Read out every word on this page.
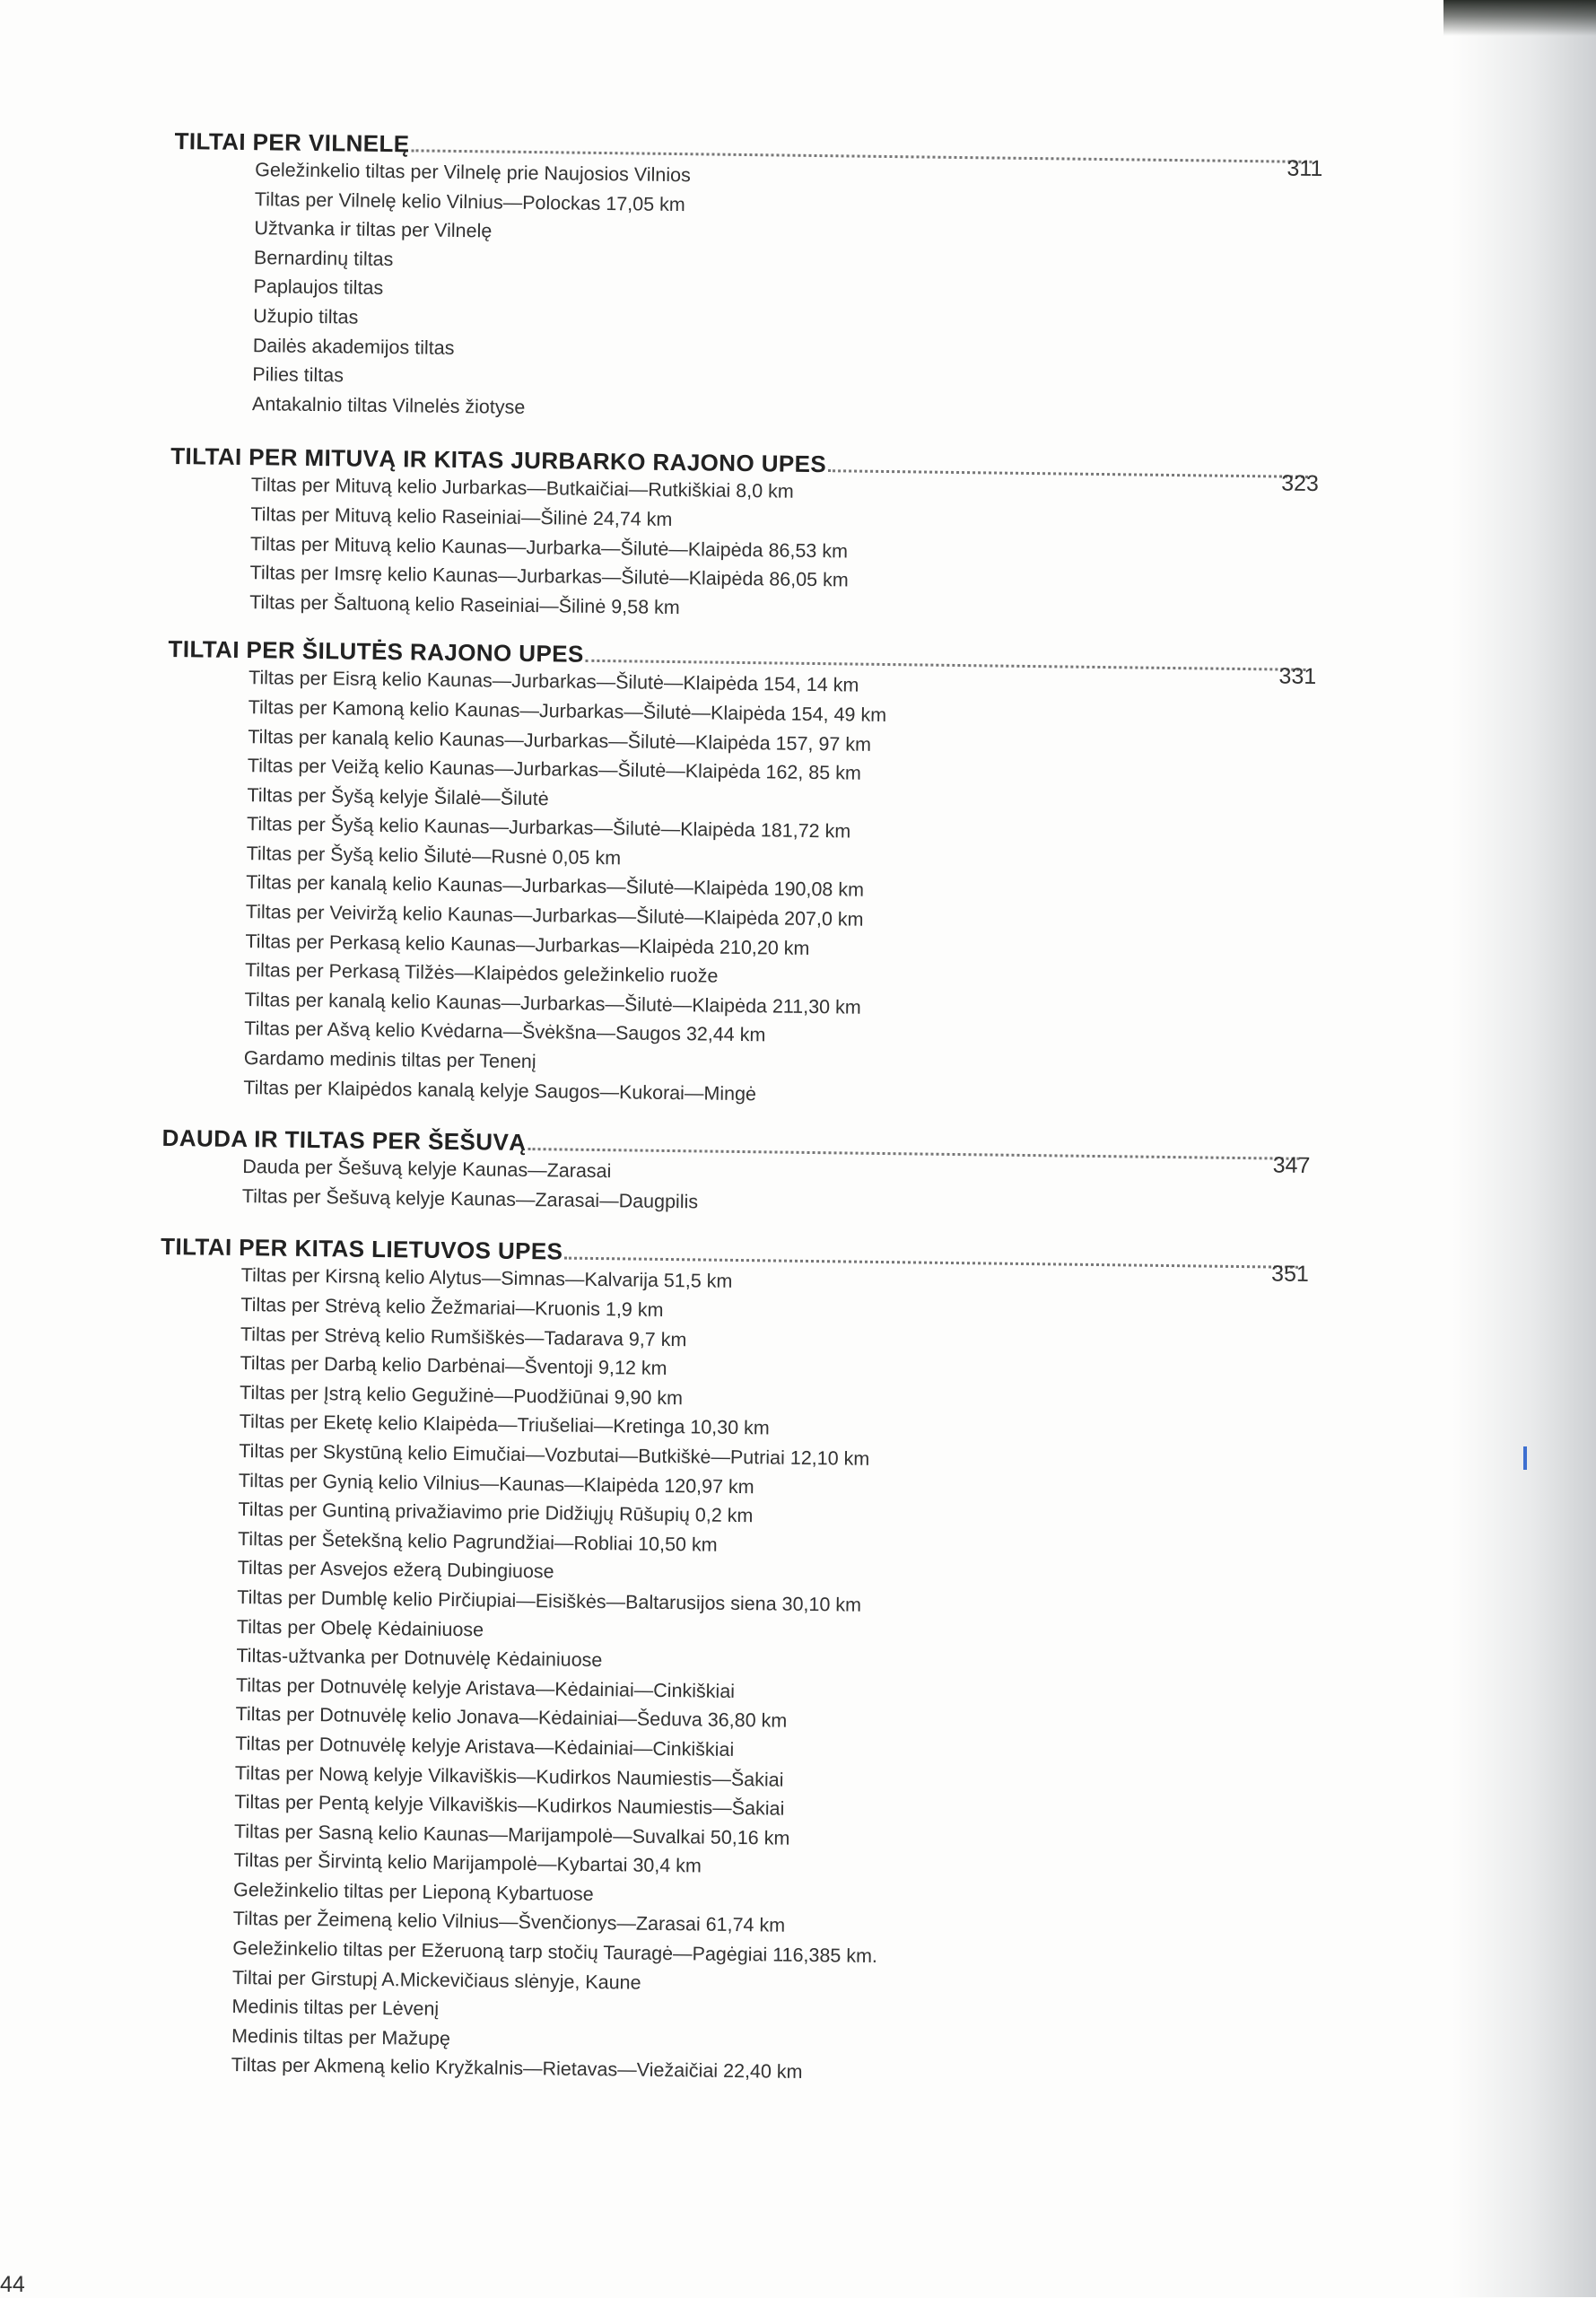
TILTAI PER VILNELĘ
311
Geležinkelio tiltas per Vilnelę prie Naujosios Vilnios
Tiltas per Vilnelę kelio Vilnius—Polockas 17,05 km
Užtvanka ir tiltas per Vilnelę
Bernardinų tiltas
Paplaujos tiltas
Užupio tiltas
Dailės akademijos tiltas
Pilies tiltas
Antakalnio tiltas Vilnelės žiotyse
TILTAI PER MITUVĄ IR KITAS JURBARKO RAJONO UPES
323
Tiltas per Mituvą kelio Jurbarkas—Butkaičiai—Rutkiškiai 8,0 km
Tiltas per Mituvą kelio Raseiniai—Šilinė 24,74 km
Tiltas per Mituvą kelio Kaunas—Jurbarka—Šilutė—Klaipėda 86,53 km
Tiltas per Imsrę kelio Kaunas—Jurbarkas—Šilutė—Klaipėda 86,05 km
Tiltas per Šaltuoną kelio Raseiniai—Šilinė 9,58 km
TILTAI PER ŠILUTĖS RAJONO UPES
331
Tiltas per Eisrą kelio Kaunas—Jurbarkas—Šilutė—Klaipėda 154, 14 km
Tiltas per Kamoną kelio Kaunas—Jurbarkas—Šilutė—Klaipėda 154, 49 km
Tiltas per kanalą kelio Kaunas—Jurbarkas—Šilutė—Klaipėda 157, 97 km
Tiltas per Veižą kelio Kaunas—Jurbarkas—Šilutė—Klaipėda 162, 85 km
Tiltas per Šyšą kelyje Šilalė—Šilutė
Tiltas per Šyšą kelio Kaunas—Jurbarkas—Šilutė—Klaipėda 181,72 km
Tiltas per Šyšą kelio Šilutė—Rusnė 0,05 km
Tiltas per kanalą kelio Kaunas—Jurbarkas—Šilutė—Klaipėda 190,08 km
Tiltas per Veiviržą kelio Kaunas—Jurbarkas—Šilutė—Klaipėda 207,0 km
Tiltas per Perkasą kelio Kaunas—Jurbarkas—Klaipėda 210,20 km
Tiltas per Perkasą Tilžės—Klaipėdos geležinkelio ruože
Tiltas per kanalą kelio Kaunas—Jurbarkas—Šilutė—Klaipėda 211,30 km
Tiltas per Ašvą kelio Kvėdarna—Švėkšna—Saugos 32,44 km
Gardamo medinis tiltas per Tenenį
Tiltas per Klaipėdos kanalą kelyje Saugos—Kukorai—Mingė
DAUDA IR TILTAS PER ŠEŠUVĄ
347
Dauda per Šešuvą kelyje Kaunas—Zarasai
Tiltas per Šešuvą kelyje Kaunas—Zarasai—Daugpilis
TILTAI PER KITAS LIETUVOS UPES
351
Tiltas per Kirsną kelio Alytus—Simnas—Kalvarija 51,5 km
Tiltas per Strėvą kelio Žežmariai—Kruonis 1,9 km
Tiltas per Strėvą kelio Rumšiškės—Tadarava 9,7 km
Tiltas per Darbą kelio Darbėnai—Šventoji 9,12 km
Tiltas per Įstrą kelio Gegužinė—Puodžiūnai 9,90 km
Tiltas per Eketę kelio Klaipėda—Triušeliai—Kretinga 10,30 km
Tiltas per Skystūną kelio Eimučiai—Vozbutai—Butkiškė—Putriai 12,10 km
Tiltas per Gynią kelio Vilnius—Kaunas—Klaipėda 120,97 km
Tiltas per Guntiną privažiavimo prie Didžiųjų Rūšupių 0,2 km
Tiltas per Šetekšną kelio Pagrundžiai—Robliai 10,50 km
Tiltas per Asvejos ežerą Dubingiuose
Tiltas per Dumblę kelio Pirčiupiai—Eisiškės—Baltarusijos siena 30,10 km
Tiltas per Obelę Kėdainiuose
Tiltas-užtvanka per Dotnuvėlę Kėdainiuose
Tiltas per Dotnuvėlę kelyje Aristava—Kėdainiai—Cinkiškiai
Tiltas per Dotnuvėlę kelio Jonava—Kėdainiai—Šeduva 36,80 km
Tiltas per Dotnuvėlę kelyje Aristava—Kėdainiai—Cinkiškiai
Tiltas per Nową kelyje Vilkaviškis—Kudirkos Naumiestis—Šakiai
Tiltas per Pentą kelyje Vilkaviškis—Kudirkos Naumiestis—Šakiai
Tiltas per Sasną kelio Kaunas—Marijampolė—Suvalkai 50,16 km
Tiltas per Širvintą kelio Marijampolė—Kybartai 30,4 km
Geležinkelio tiltas per Lieponą Kybartuose
Tiltas per Žeimeną kelio Vilnius—Švenčionys—Zarasai 61,74 km
Geležinkelio tiltas per Ežeruoną tarp stočių Tauragė—Pagėgiai 116,385 km.
Tiltai per Girstupį A.Mickevičiaus slėnyje, Kaune
Medinis tiltas per Lėvenį
Medinis tiltas per Mažupę
Tiltas per Akmeną kelio Kryžkalnis—Rietavas—Viežaičiai 22,40 km
44
